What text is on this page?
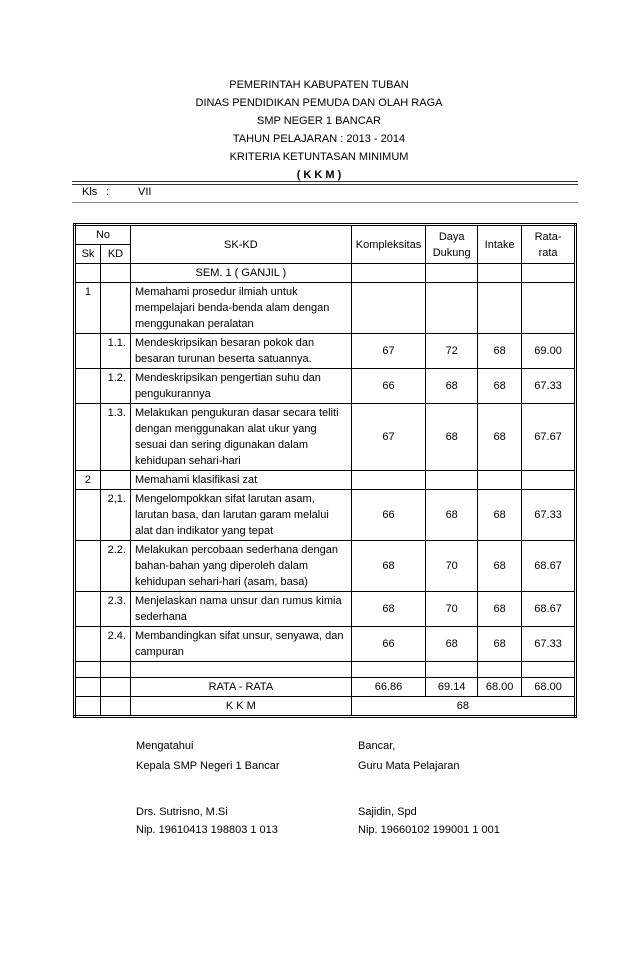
PEMERINTAH KABUPATEN TUBAN
DINAS PENDIDIKAN PEMUDA DAN OLAH RAGA
SMP NEGER 1 BANCAR
TAHUN PELAJARAN : 2013 - 2014
KRITERIA KETUNTASAN MINIMUM
( K K M )
Kls :	VII
No		SK-KD	Kompleksitas	Daya Dukung	Intake	Rata-rata
Sk	KD					
		SEM. 1 ( GANJIL )				
1		Memahami prosedur ilmiah untuk mempelajari benda-benda alam dengan menggunakan peralatan				
	1.1.	Mendeskripsikan besaran pokok dan besaran turunan beserta satuannya.	67	72	68	69.00
	1.2.	Mendeskripsikan pengertian suhu dan pengukurannya	66	68	68	67.33
	1.3.	Melakukan pengukuran dasar secara teliti dengan menggunakan alat ukur yang sesuai dan sering digunakan dalam kehidupan sehari-hari	67	68	68	67.67
2		Memahami klasifikasi zat				
	2,1.	Mengelompokkan sifat larutan asam, larutan basa, dan larutan garam melalui alat dan indikator yang tepat	66	68	68	67.33
	2.2.	Melakukan percobaan sederhana dengan bahan-bahan yang diperoleh dalam kehidupan sehari-hari (asam, basa)	68	70	68	68.67
	2.3.	Menjelaskan nama unsur dan rumus kimia sederhana	68	70	68	68.67
	2.4.	Membandingkan sifat unsur, senyawa, dan campuran	66	68	68	67.33

		RATA - RATA	66.86	69.14	68.00	68.00
		K K M	68			
Mengatahui
Kepala SMP Negeri 1 Bancar
Drs. Sutrisno, M.Si
Nip. 19610413 198803 1 013
Bancar,
Guru Mata Pelajaran
Sajidin, Spd
Nip. 19660102 199001 1 001
